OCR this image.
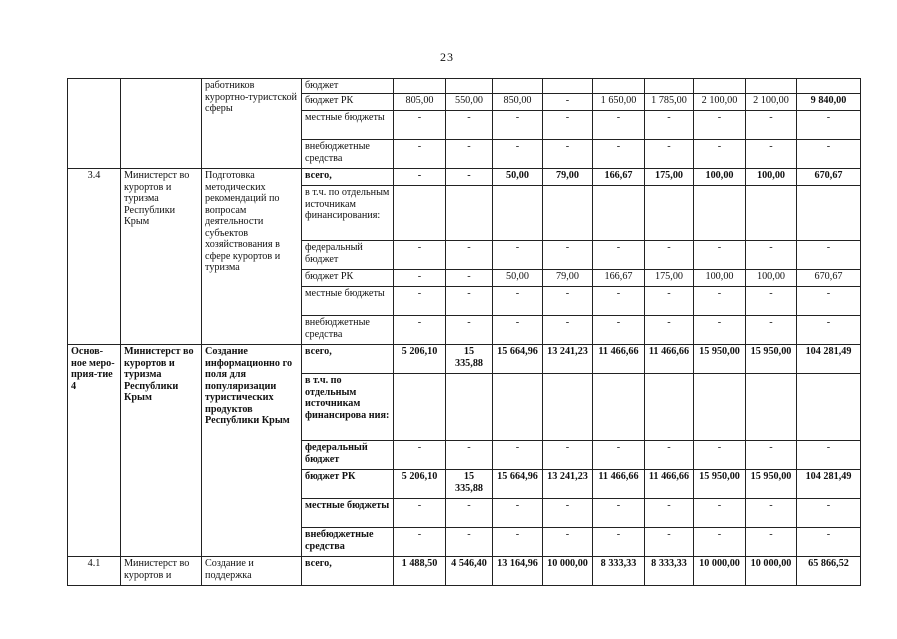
23
		работников курортно-туристской сферы	бюджет									
			бюджет РК	805,00	550,00	850,00	-	1 650,00	1 785,00	2 100,00	2 100,00	9 840,00
			местные бюджеты	-	-	-	-	-	-	-	-	-
			внебюджетные средства	-	-	-	-	-	-	-	-	-
3.4	Министерст во курортов и туризма Республики Крым	Подготовка методических рекомендаций по вопросам деятельности субъектов хозяйствования в сфере курортов и туризма	всего,	-	-	50,00	79,00	166,67	175,00	100,00	100,00	670,67
			в т.ч. по отдельным источникам финансирования:									
			федеральный бюджет	-	-	-	-	-	-	-	-	-
			бюджет РК	-	-	50,00	79,00	166,67	175,00	100,00	100,00	670,67
			местные бюджеты	-	-	-	-	-	-	-	-	-
			внебюджетные средства	-	-	-	-	-	-	-	-	-
Основ-ное меро-прия-тие 4	Министерст во курортов и туризма Республики Крым	Создание информационно го поля для популяризации туристических продуктов Республики Крым	всего,	5 206,10	15 335,88	15 664,96	13 241,23	11 466,66	11 466,66	15 950,00	15 950,00	104 281,49
			в т.ч. по отдельным источникам финансирова ния:									
			федеральный бюджет	-	-	-	-	-	-	-	-	-
			бюджет РК	5 206,10	15 335,88	15 664,96	13 241,23	11 466,66	11 466,66	15 950,00	15 950,00	104 281,49
			местные бюджеты	-	-	-	-	-	-	-	-	-
			внебюджетные средства	-	-	-	-	-	-	-	-	-
4.1	Министерст во курортов и	Создание и поддержка	всего,	1 488,50	4 546,40	13 164,96	10 000,00	8 333,33	8 333,33	10 000,00	10 000,00	65 866,52
